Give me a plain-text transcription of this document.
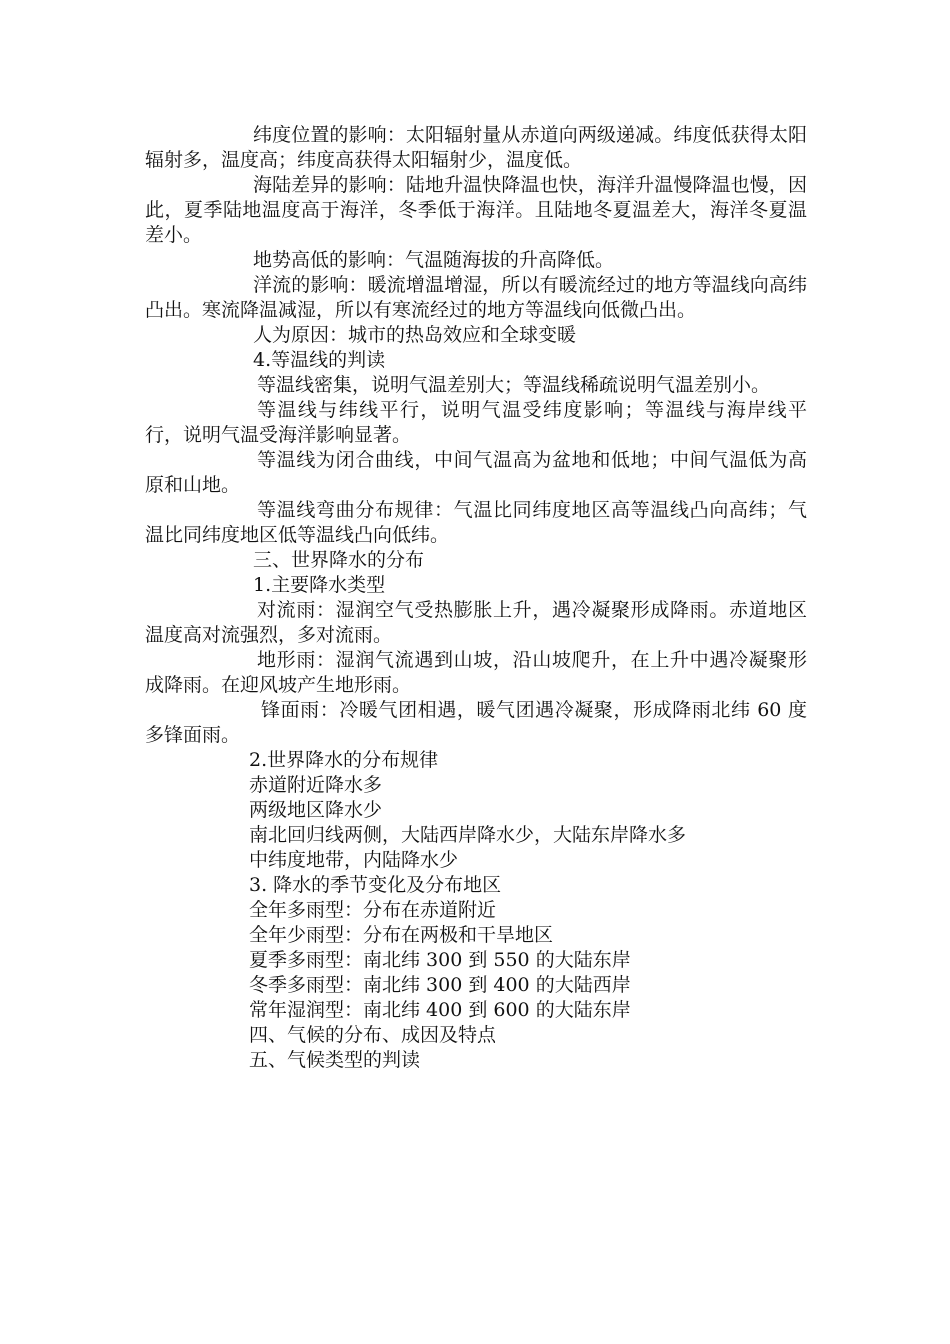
纬度位置的影响：太阳辐射量从赤道向两级递减。纬度低获得太阳辐射多，温度高；纬度高获得太阳辐射少，温度低。

海陆差异的影响：陆地升温快降温也快，海洋升温慢降温也慢，因此，夏季陆地温度高于海洋，冬季低于海洋。且陆地冬夏温差大，海洋冬夏温差小。

地势高低的影响：气温随海拔的升高降低。

洋流的影响：暖流增温增湿，所以有暖流经过的地方等温线向高纬凸出。寒流降温减湿，所以有寒流经过的地方等温线向低微凸出。

人为原因：城市的热岛效应和全球变暖

4.等温线的判读

等温线密集，说明气温差别大；等温线稀疏说明气温差别小。

等温线与纬线平行，说明气温受纬度影响；等温线与海岸线平行，说明气温受海洋影响显著。

等温线为闭合曲线，中间气温高为盆地和低地；中间气温低为高原和山地。

等温线弯曲分布规律：气温比同纬度地区高等温线凸向高纬；气温比同纬度地区低等温线凸向低纬。

三、世界降水的分布

1.主要降水类型

对流雨：湿润空气受热膨胀上升，遇冷凝聚形成降雨。赤道地区温度高对流强烈，多对流雨。

地形雨：湿润气流遇到山坡，沿山坡爬升，在上升中遇冷凝聚形成降雨。在迎风坡产生地形雨。

锋面雨：冷暖气团相遇，暖气团遇冷凝聚，形成降雨北纬 60 度多锋面雨。

2.世界降水的分布规律

赤道附近降水多

两级地区降水少

南北回归线两侧，大陆西岸降水少，大陆东岸降水多

中纬度地带，内陆降水少

3. 降水的季节变化及分布地区

全年多雨型：分布在赤道附近

全年少雨型：分布在两极和干旱地区

夏季多雨型：南北纬 300 到 550 的大陆东岸

冬季多雨型：南北纬 300 到 400 的大陆西岸

常年湿润型：南北纬 400 到 600 的大陆东岸

四、气候的分布、成因及特点

五、气候类型的判读
